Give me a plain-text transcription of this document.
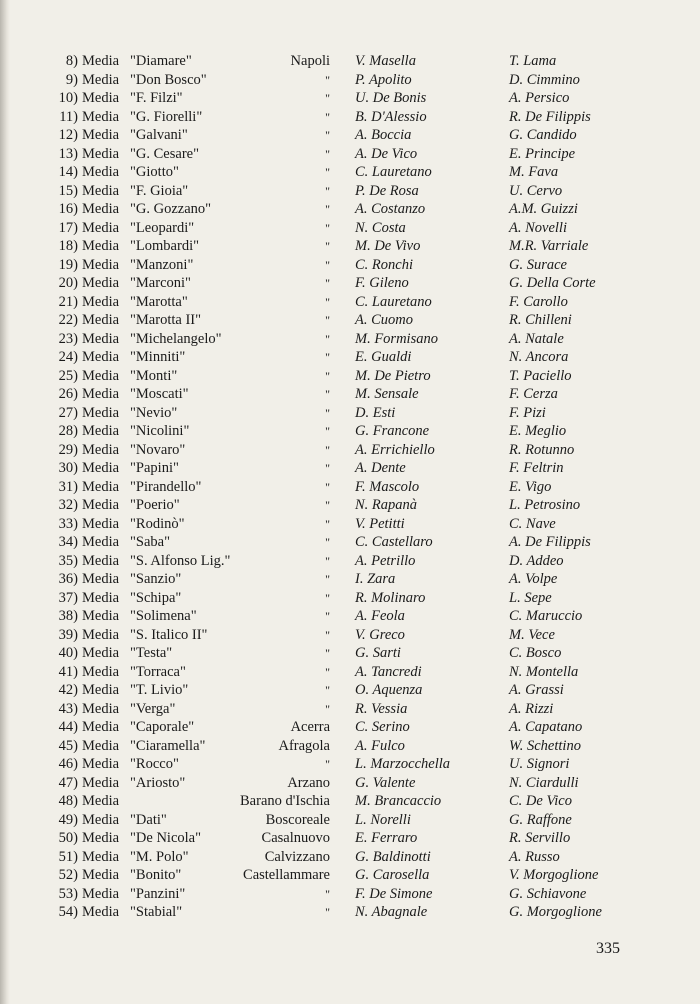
8) Media "Diamare"	Napoli V. Masella	T. Lama
9) Media "Don Bosco"	" P. Apolito	D. Cimmino
10) Media "F. Filzi"	" U. De Bonis	A. Persico
11) Media "G. Fiorelli"	" B. D'Alessio	R. De Filippis
12) Media "Galvani"	" A. Boccia	G. Candido
13) Media "G. Cesare"	" A. De Vico	E. Principe
14) Media "Giotto"	" C. Lauretano	M. Fava
15) Media "F. Gioia"	" P. De Rosa	U. Cervo
16) Media "G. Gozzano"	" A. Costanzo	A.M. Guizzi
17) Media "Leopardi"	" N. Costa	A. Novelli
18) Media "Lombardi"	" M. De Vivo	M.R. Varriale
19) Media "Manzoni"	" C. Ronchi	G. Surace
20) Media "Marconi"	" F. Gileno	G. Della Corte
21) Media "Marotta"	" C. Lauretano	F. Carollo
22) Media "Marotta II"	" A. Cuomo	R. Chilleni
23) Media "Michelangelo"	" M. Formisano	A. Natale
24) Media "Minniti"	" E. Gualdi	N. Ancora
25) Media "Monti"	" M. De Pietro	T. Paciello
26) Media "Moscati"	" M. Sensale	F. Cerza
27) Media "Nevio"	" D. Esti	F. Pizi
28) Media "Nicolini"	" G. Francone	E. Meglio
29) Media "Novaro"	" A. Errichiello	R. Rotunno
30) Media "Papini"	" A. Dente	F. Feltrin
31) Media "Pirandello"	" F. Mascolo	E. Vigo
32) Media "Poerio"	" N. Rapanà	L. Petrosino
33) Media "Rodinò"	" V. Petitti	C. Nave
34) Media "Saba"	" C. Castellaro	A. De Filippis
35) Media "S. Alfonso Lig."	" A. Petrillo	D. Addeo
36) Media "Sanzio"	" I. Zara	A. Volpe
37) Media "Schipa"	" R. Molinaro	L. Sepe
38) Media "Solimena"	" A. Feola	C. Maruccio
39) Media "S. Italico II"	" V. Greco	M. Vece
40) Media "Testa"	" G. Sarti	C. Bosco
41) Media "Torraca"	" A. Tancredi	N. Montella
42) Media "T. Livio"	" O. Aquenza	A. Grassi
43) Media "Verga"	" R. Vessia	A. Rizzi
44) Media "Caporale"	Acerra C. Serino	A. Capatano
45) Media "Ciaramella"	Afragola A. Fulco	W. Schettino
46) Media "Rocco"	" L. Marzocchella	U. Signori
47) Media "Ariosto"	Arzano G. Valente	N. Ciardulli
48) Media	Barano d'Ischia M. Brancaccio	C. De Vico
49) Media "Dati"	Boscoreale L. Norelli	G. Raffone
50) Media "De Nicola"	Casalnuovo E. Ferraro	R. Servillo
51) Media "M. Polo"	Calvizzano G. Baldinotti	A. Russo
52) Media "Bonito"	Castellammare G. Carosella	V. Morgoglione
53) Media "Panzini"	" F. De Simone	G. Schiavone
54) Media "Stabial"	" N. Abagnale	G. Morgoglione
335
